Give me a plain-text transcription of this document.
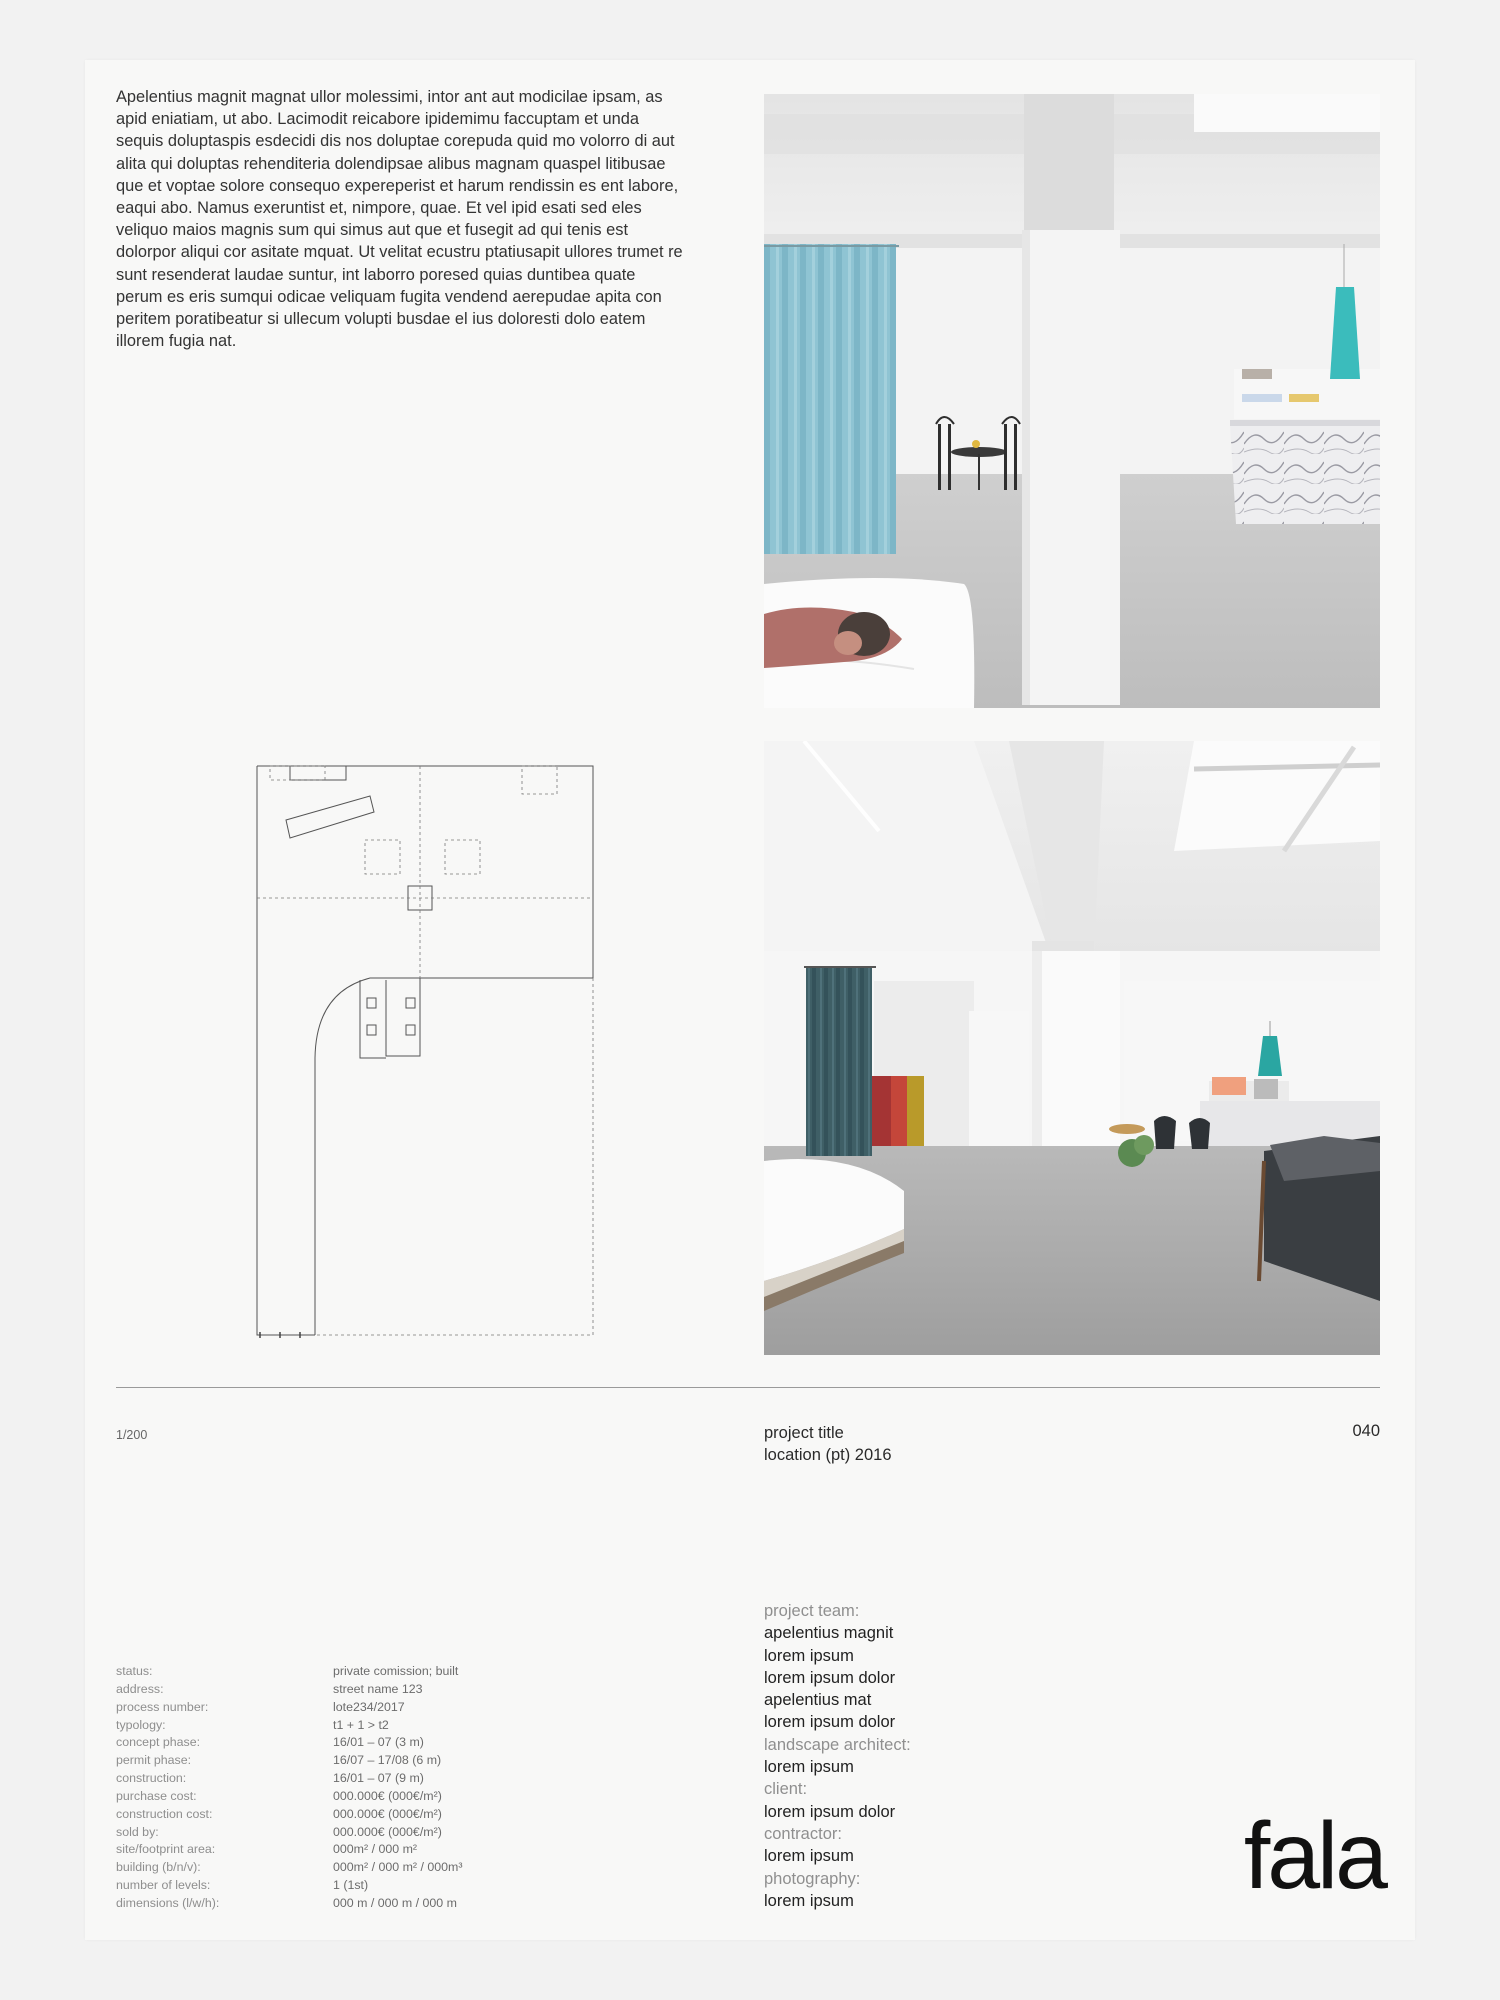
Apelentius magnit magnat ullor molessimi, intor ant aut modicilae ipsam, as apid eniatiam, ut abo. Lacimodit reicabore ipidemimu faccuptam et unda sequis doluptaspis esdecidi dis nos doluptae corepuda quid mo volorro di aut alita qui doluptas rehenditeria dolendipsae alibus magnam quaspel litibusae que et voptae solore consequo expereperist et harum rendissin es ent labore, eaqui abo. Namus exeruntist et, nimpore, quae. Et vel ipid esati sed eles veliquo maios magnis sum qui simus aut que et fusegit ad qui tenis est dolorpor aliqui cor asitate mquat. Ut velitat ecustru ptatiusapit ullores trumet re sunt resenderat laudae suntur, int laborro poresed quias duntibea quate perum es eris sumqui odicae veliquam fugita vendend aerepudae apita con peritem poratibeatur si ullecum volupti busdae el ius doloresti dolo eatem illorem fugia nat.

1/200	project title
location (pt) 2016
040
status:	private comission; built
address:	street name 123
process number:	lote234/2017
typology:	t1 + 1 > t2
concept phase:	16/01 – 07 (3 m)
permit phase:	16/07 – 17/08 (6 m)
construction:	16/01 – 07 (9 m)
purchase cost:	000.000€ (000€/m²)
construction cost:	000.000€ (000€/m²)
sold by:	000.000€ (000€/m²)
site/footprint area:	000m² / 000 m²
building (b/n/v):	000m² / 000 m² / 000m³
number of levels:	1 (1st)
dimensions (l/w/h):	000 m / 000 m / 000 m
project team:
apelentius magnit
lorem ipsum
lorem ipsum dolor
apelentius mat
lorem ipsum dolor
landscape architect:
lorem ipsum
client:
lorem ipsum dolor
contractor:
lorem ipsum
photography:
lorem ipsum	fala
